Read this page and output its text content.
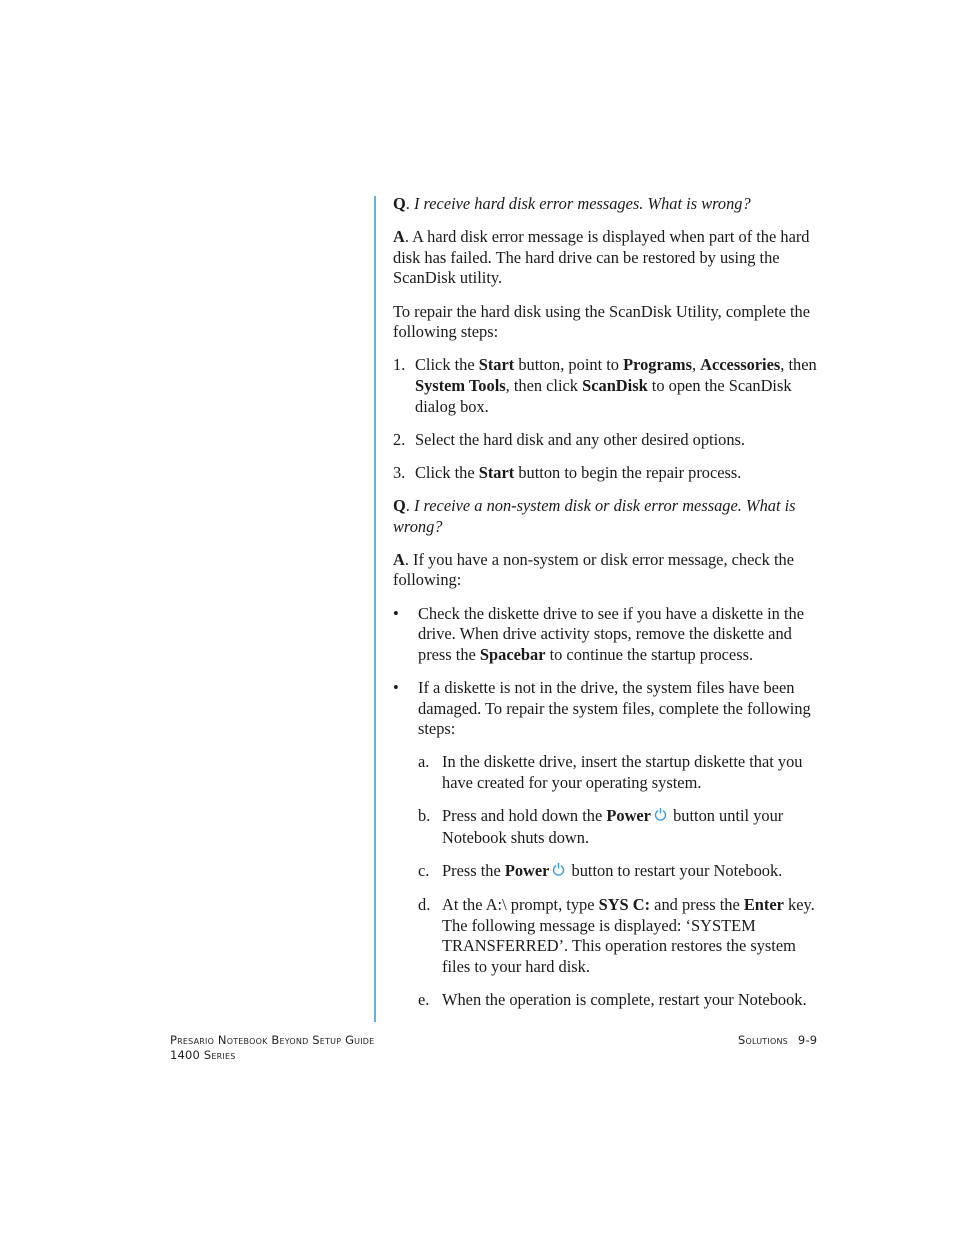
Q. I receive hard disk error messages. What is wrong?

A. A hard disk error message is displayed when part of the hard disk has failed. The hard drive can be restored by using the ScanDisk utility.

To repair the hard disk using the ScanDisk Utility, complete the following steps:

1. Click the Start button, point to Programs, Accessories, then System Tools, then click ScanDisk to open the ScanDisk dialog box.
2. Select the hard disk and any other desired options.
3. Click the Start button to begin the repair process.

Q. I receive a non-system disk or disk error message. What is wrong?

A. If you have a non-system or disk error message, check the following:

• Check the diskette drive to see if you have a diskette in the drive. When drive activity stops, remove the diskette and press the Spacebar to continue the startup process.
• If a diskette is not in the drive, the system files have been damaged. To repair the system files, complete the following steps:
a. In the diskette drive, insert the startup diskette that you have created for your operating system.
b. Press and hold down the Power button until your Notebook shuts down.
c. Press the Power button to restart your Notebook.
d. At the A:\ prompt, type SYS C: and press the Enter key. The following message is displayed: ‘SYSTEM TRANSFERRED’. This operation restores the system files to your hard disk.
e. When the operation is complete, restart your Notebook.
Presario Notebook Beyond Setup Guide
1400 Series
Solutions 9-9
